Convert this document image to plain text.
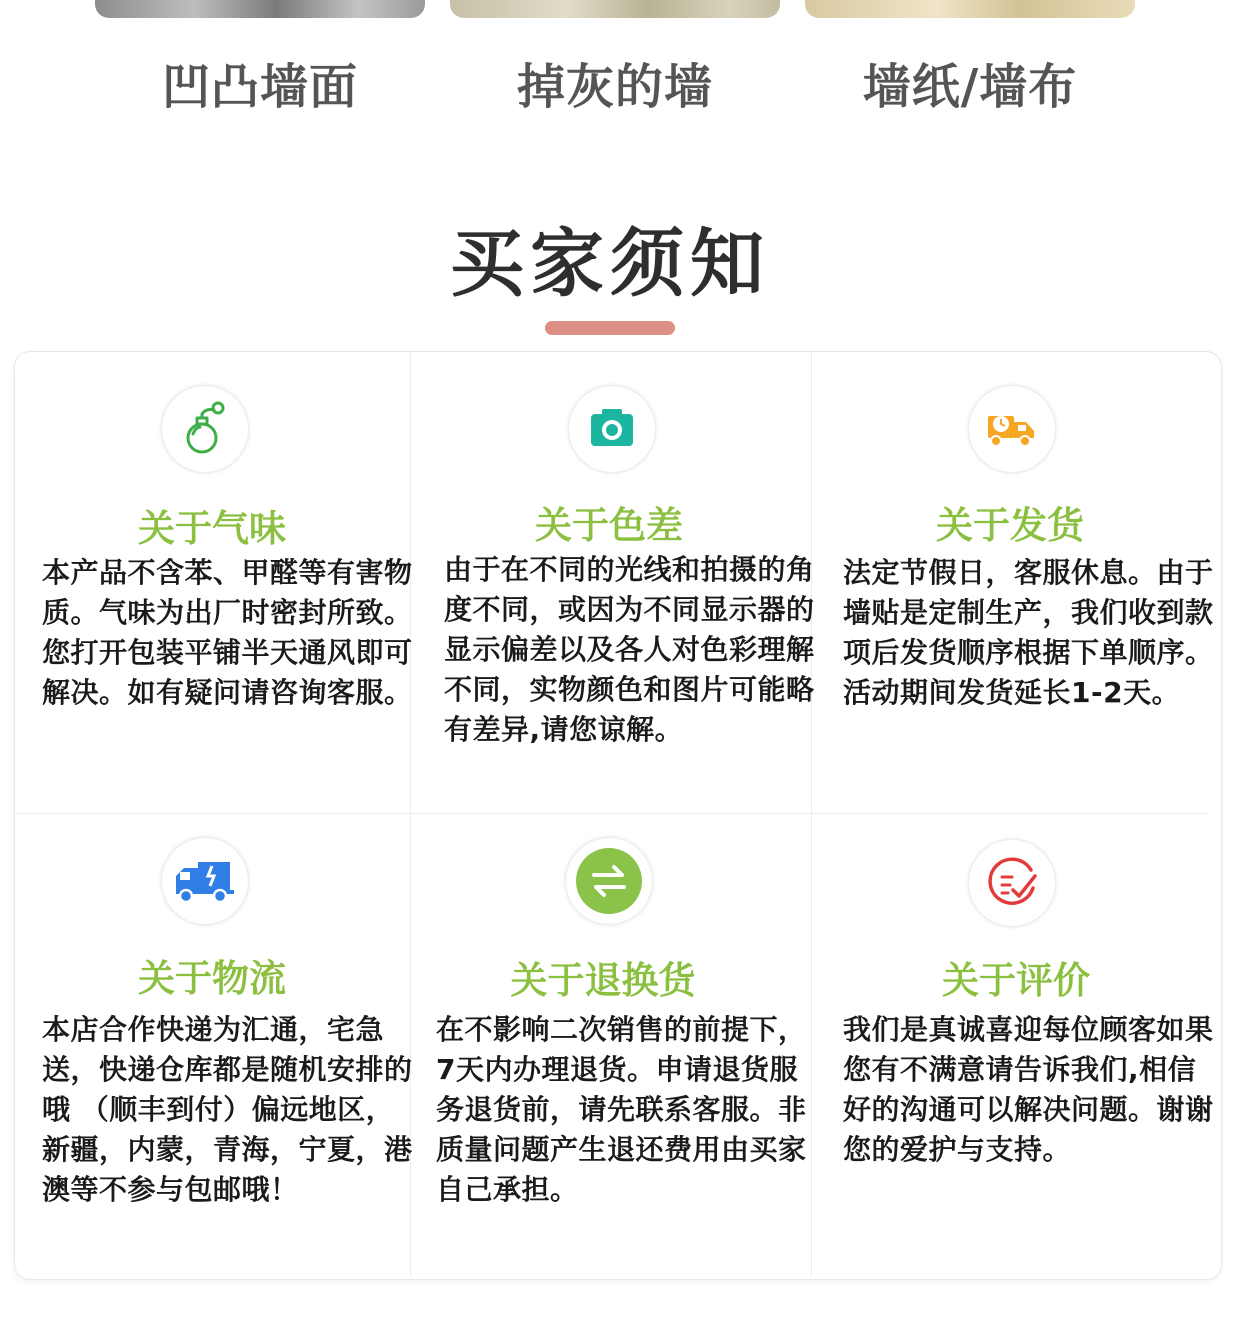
凹凸墙面	掉灰的墙	墙纸/墙布
买家须知
关于气味

本产品不含苯、甲醛等有害物质。气味为出厂时密封所致。您打开包装平铺半天通风即可解决。如有疑问请咨询客服。

关于色差

由于在不同的光线和拍摄的角度不同，或因为不同显示器的显示偏差以及各人对色彩理解不同，实物颜色和图片可能略有差异,请您谅解。

关于发货

法定节假日，客服休息。由于墙贴是定制生产，我们收到款项后发货顺序根据下单顺序。活动期间发货延长1-2天。

关于物流

本店合作快递为汇通，宅急送，快递仓库都是随机安排的哦 （顺丰到付）偏远地区，新疆，内蒙，青海，宁夏，港澳等不参与包邮哦！

关于退换货

在不影响二次销售的前提下，7天内办理退货。申请退货服务退货前，请先联系客服。非质量问题产生退还费用由买家自己承担。

关于评价

我们是真诚喜迎每位顾客如果您有不满意请告诉我们,相信好的沟通可以解决问题。谢谢您的爱护与支持。
